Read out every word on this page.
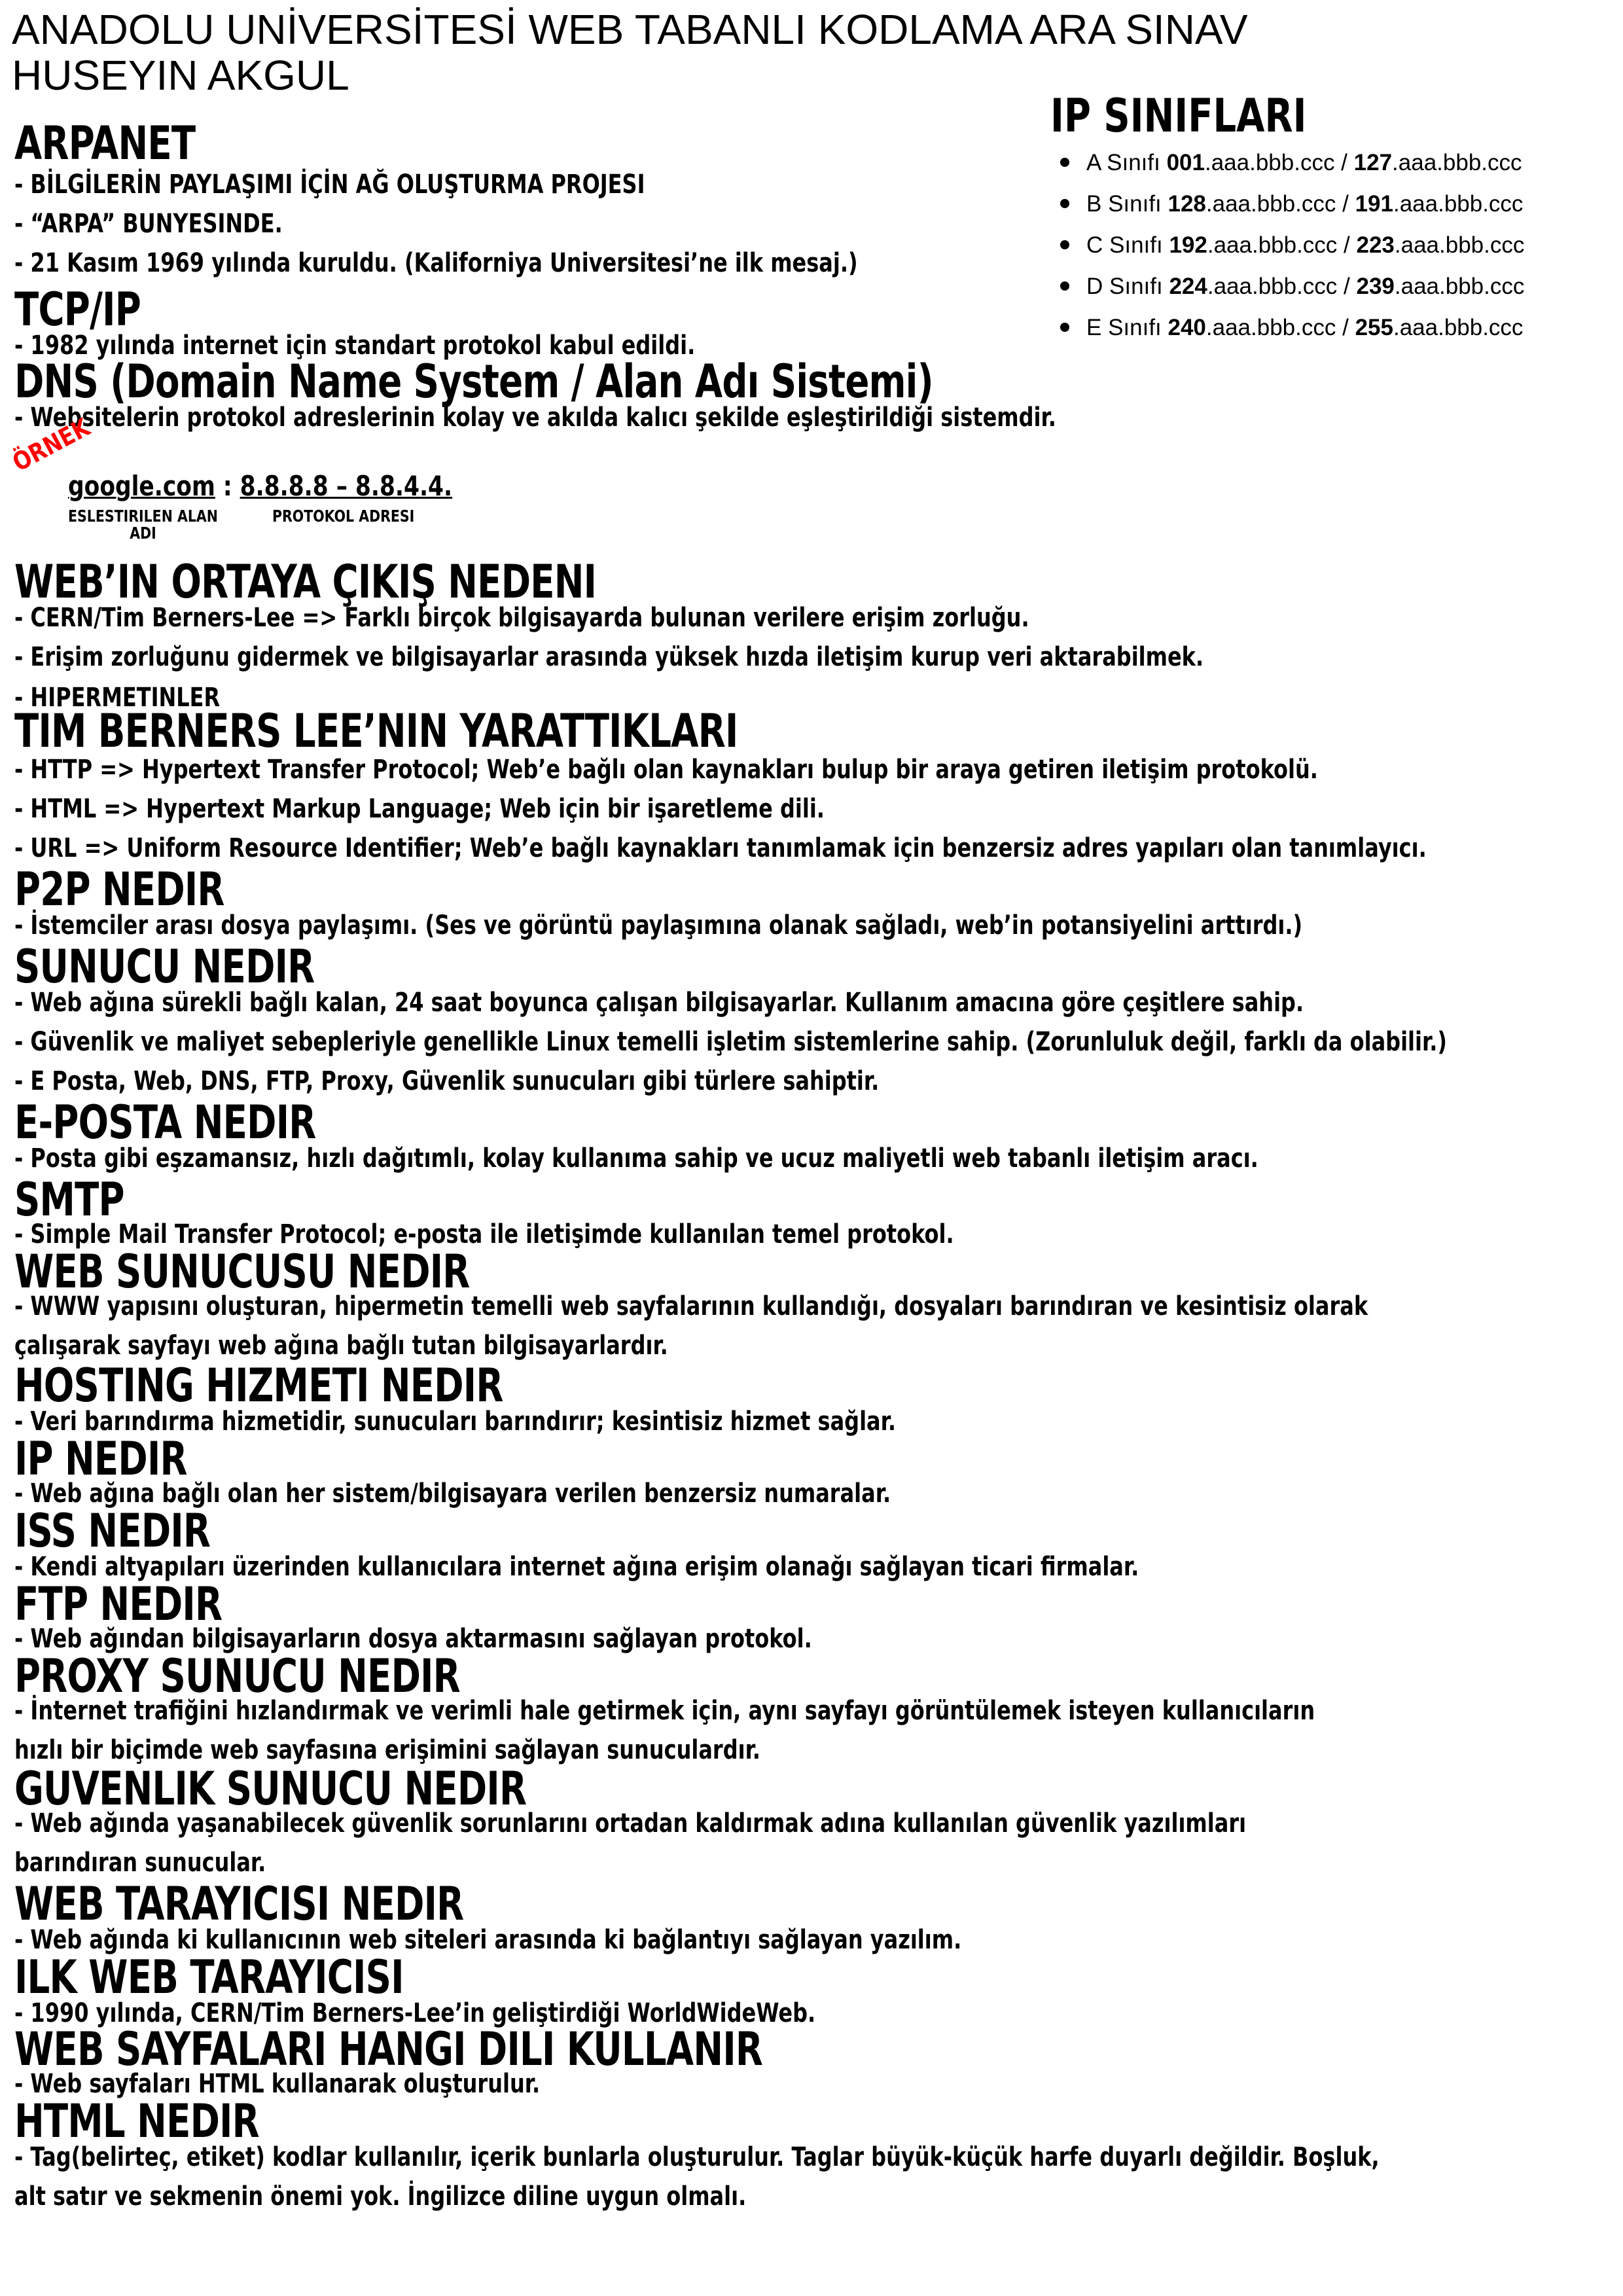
ANADOLU UNİVERSİTESİ WEB TABANLI KODLAMA ARA SINAV
HUSEYIN AKGUL
IP SINIFLARI
A Sınıfı 001.aaa.bbb.ccc / 127.aaa.bbb.ccc
B Sınıfı 128.aaa.bbb.ccc / 191.aaa.bbb.ccc
C Sınıfı 192.aaa.bbb.ccc / 223.aaa.bbb.ccc
D Sınıfı 224.aaa.bbb.ccc / 239.aaa.bbb.ccc
E Sınıfı 240.aaa.bbb.ccc / 255.aaa.bbb.ccc
ARPANET
- BİLGİLERİN PAYLAŞIMI İÇİN AĞ OLUŞTURMA PROJESI
- “ARPA” BUNYESINDE.
- 21 Kasım 1969 yılında kuruldu. (Kaliforniya Universitesi’ne ilk mesaj.)
TCP/IP
- 1982 yılında internet için standart protokol kabul edildi.
DNS (Domain Name System / Alan Adı Sistemi)
- Websitelerin protokol adreslerinin kolay ve akılda kalıcı şekilde eşleştirildiği sistemdir.
ÖRNEK
google.com : 8.8.8.8 – 8.8.4.4.
ESLESTIRILEN ALAN
ADI
PROTOKOL ADRESI
WEB’IN ORTAYA ÇIKIŞ NEDENI
- CERN/Tim Berners-Lee => Farklı birçok bilgisayarda bulunan verilere erişim zorluğu.
- Erişim zorluğunu gidermek ve bilgisayarlar arasında yüksek hızda iletişim kurup veri aktarabilmek.
- HIPERMETINLER
TIM BERNERS LEE’NIN YARATTIKLARI
- HTTP => Hypertext Transfer Protocol; Web’e bağlı olan kaynakları bulup bir araya getiren iletişim protokolü.
- HTML => Hypertext Markup Language; Web için bir işaretleme dili.
- URL => Uniform Resource Identifier; Web’e bağlı kaynakları tanımlamak için benzersiz adres yapıları olan tanımlayıcı.
P2P NEDIR
- İstemciler arası dosya paylaşımı. (Ses ve görüntü paylaşımına olanak sağladı, web’in potansiyelini arttırdı.)
SUNUCU NEDIR
- Web ağına sürekli bağlı kalan, 24 saat boyunca çalışan bilgisayarlar. Kullanım amacına göre çeşitlere sahip.
- Güvenlik ve maliyet sebepleriyle genellikle Linux temelli işletim sistemlerine sahip. (Zorunluluk değil, farklı da olabilir.)
- E Posta, Web, DNS, FTP, Proxy, Güvenlik sunucuları gibi türlere sahiptir.
E-POSTA NEDIR
- Posta gibi eşzamansız, hızlı dağıtımlı, kolay kullanıma sahip ve ucuz maliyetli web tabanlı iletişim aracı.
SMTP
- Simple Mail Transfer Protocol; e-posta ile iletişimde kullanılan temel protokol.
WEB SUNUCUSU NEDIR
- WWW yapısını oluşturan, hipermetin temelli web sayfalarının kullandığı, dosyaları barındıran ve kesintisiz olarak
çalışarak sayfayı web ağına bağlı tutan bilgisayarlardır.
HOSTING HIZMETI NEDIR
- Veri barındırma hizmetidir, sunucuları barındırır; kesintisiz hizmet sağlar.
IP NEDIR
- Web ağına bağlı olan her sistem/bilgisayara verilen benzersiz numaralar.
ISS NEDIR
- Kendi altyapıları üzerinden kullanıcılara internet ağına erişim olanağı sağlayan ticari firmalar.
FTP NEDIR
- Web ağından bilgisayarların dosya aktarmasını sağlayan protokol.
PROXY SUNUCU NEDIR
- İnternet trafiğini hızlandırmak ve verimli hale getirmek için, aynı sayfayı görüntülemek isteyen kullanıcıların
hızlı bir biçimde web sayfasına erişimini sağlayan sunuculardır.
GUVENLIK SUNUCU NEDIR
- Web ağında yaşanabilecek güvenlik sorunlarını ortadan kaldırmak adına kullanılan güvenlik yazılımları
barındıran sunucular.
WEB TARAYICISI NEDIR
- Web ağında ki kullanıcının web siteleri arasında ki bağlantıyı sağlayan yazılım.
ILK WEB TARAYICISI
- 1990 yılında, CERN/Tim Berners-Lee’in geliştirdiği WorldWideWeb.
WEB SAYFALARI HANGI DILI KULLANIR
- Web sayfaları HTML kullanarak oluşturulur.
HTML NEDIR
- Tag(belirteç, etiket) kodlar kullanılır, içerik bunlarla oluşturulur. Taglar büyük-küçük harfe duyarlı değildir. Boşluk,
alt satır ve sekmenin önemi yok. İngilizce diline uygun olmalı.
